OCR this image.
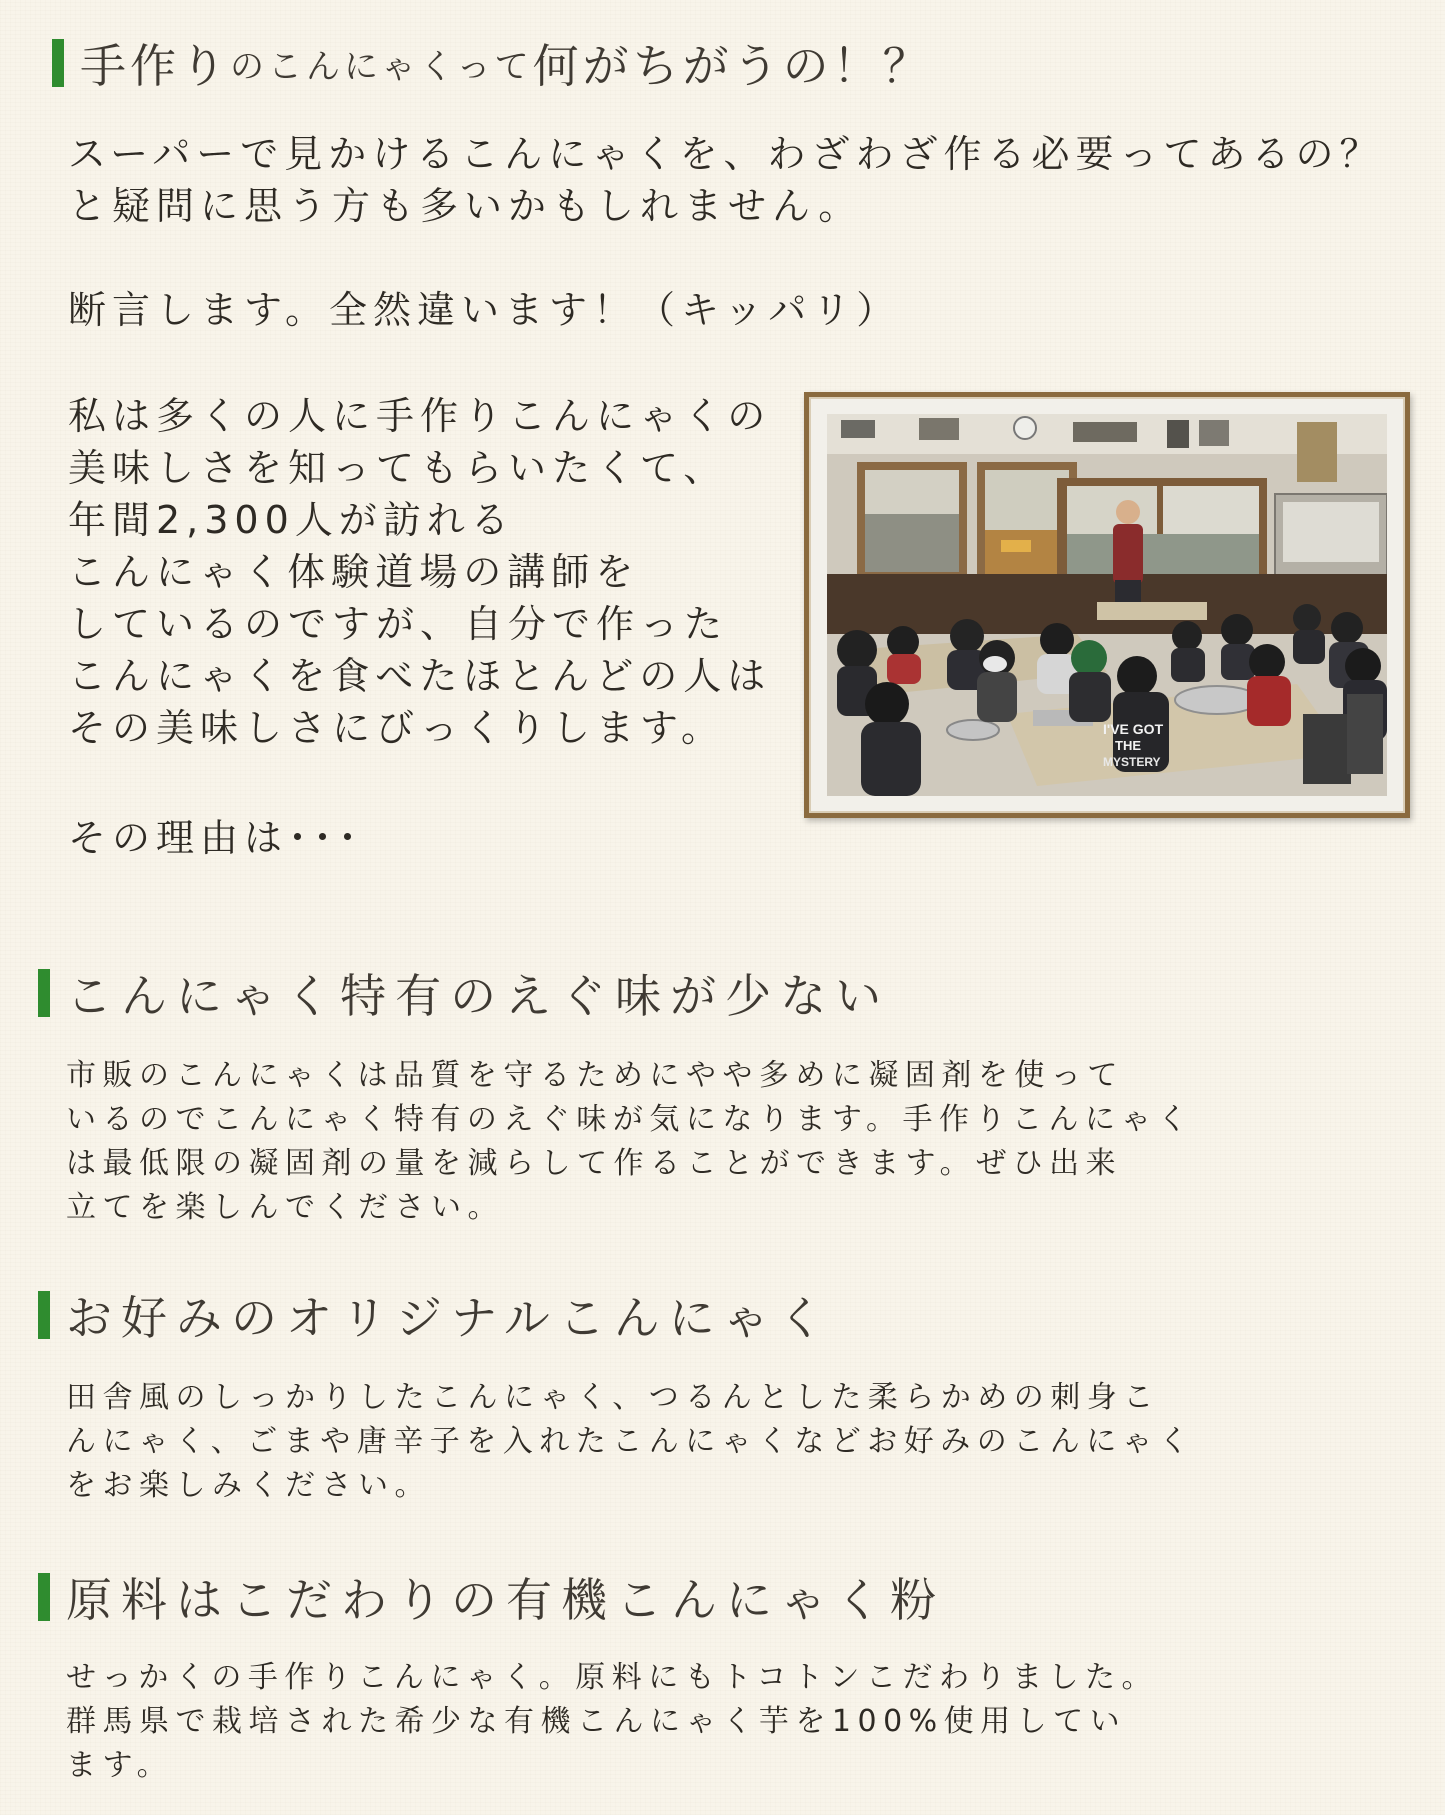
手作り のこんにゃくって 何がちがうの！？

スーパーで見かけるこんにゃくを、わざわざ作る必要ってあるの？
と疑問に思う方も多いかもしれません。

断言します。全然違います！（キッパリ）

私は多くの人に手作りこんにゃくの
美味しさを知ってもらいたくて、
年間2,300人が訪れる
こんにゃく体験道場の講師を
しているのですが、自分で作った
こんにゃくを食べたほとんどの人は
その美味しさにびっくりします。

その理由は･･･

I'VE GOT
THE
MYSTERY
こんにゃく特有のえぐ味が少ない

市販のこんにゃくは品質を守るためにやや多めに凝固剤を使って
いるのでこんにゃく特有のえぐ味が気になります。手作りこんにゃく
は最低限の凝固剤の量を減らして作ることができます。ぜひ出来
立てを楽しんでください。

お好みのオリジナルこんにゃく

田舎風のしっかりしたこんにゃく、つるんとした柔らかめの刺身こ
んにゃく、ごまや唐辛子を入れたこんにゃくなどお好みのこんにゃく
をお楽しみください。

原料はこだわりの有機こんにゃく粉

せっかくの手作りこんにゃく。原料にもトコトンこだわりました。
群馬県で栽培された希少な有機こんにゃく芋を100%使用してい
ます。
